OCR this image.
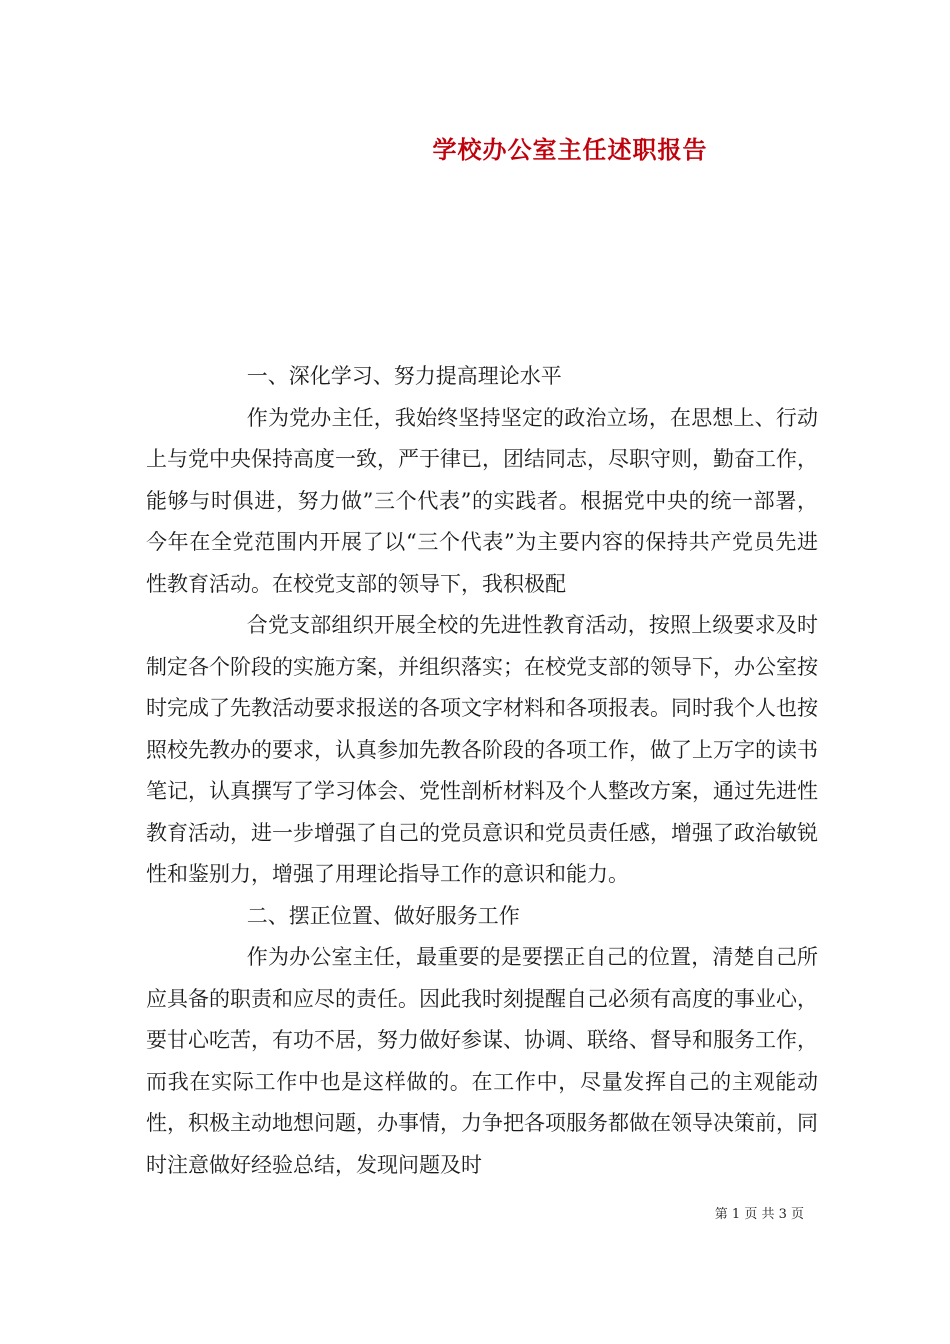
学校办公室主任述职报告
一、深化学习、努力提高理论水平

作为党办主任，我始终坚持坚定的政治立场，在思想上、行动上与党中央保持高度一致，严于律已，团结同志，尽职守则，勤奋工作，能够与时俱进，努力做”三个代表”的实践者。根据党中央的统一部署，今年在全党范围内开展了以“三个代表”为主要内容的保持共产党员先进性教育活动。在校党支部的领导下，我积极配

合党支部组织开展全校的先进性教育活动，按照上级要求及时制定各个阶段的实施方案，并组织落实；在校党支部的领导下，办公室按时完成了先教活动要求报送的各项文字材料和各项报表。同时我个人也按照校先教办的要求，认真参加先教各阶段的各项工作，做了上万字的读书笔记，认真撰写了学习体会、党性剖析材料及个人整改方案，通过先进性教育活动，进一步增强了自己的党员意识和党员责任感，增强了政治敏锐性和鉴别力，增强了用理论指导工作的意识和能力。

二、摆正位置、做好服务工作

作为办公室主任，最重要的是要摆正自己的位置，清楚自己所应具备的职责和应尽的责任。因此我时刻提醒自己必须有高度的事业心，要甘心吃苦，有功不居，努力做好参谋、协调、联络、督导和服务工作，而我在实际工作中也是这样做的。在工作中，尽量发挥自己的主观能动性，积极主动地想问题，办事情，力争把各项服务都做在领导决策前，同时注意做好经验总结，发现问题及时

第 1 页 共 3 页
